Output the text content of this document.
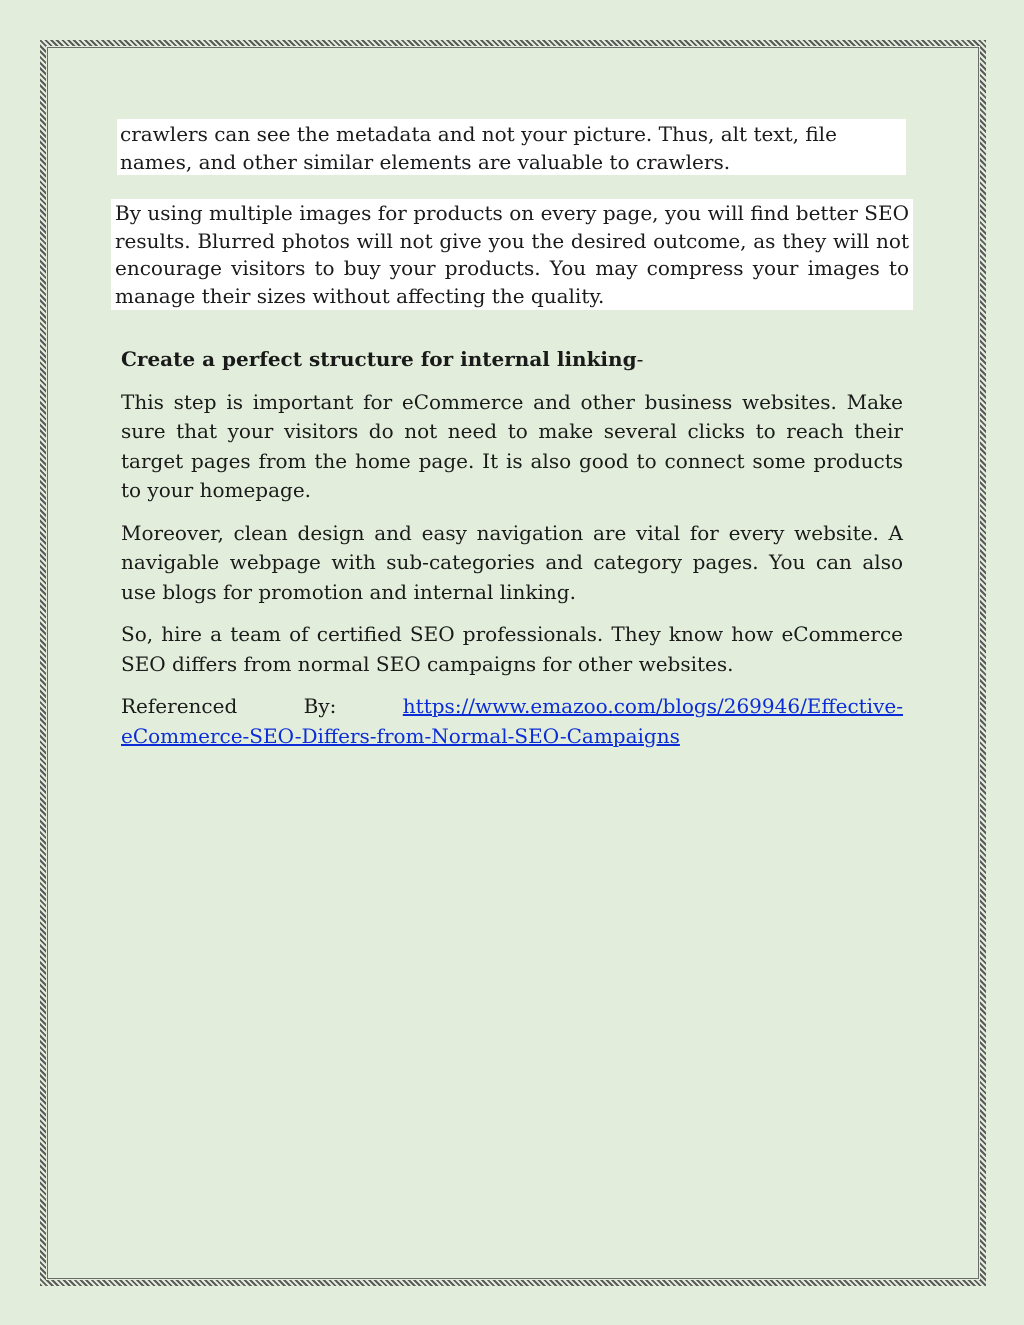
crawlers can see the metadata and not your picture. Thus, alt text, file names, and other similar elements are valuable to crawlers.
By using multiple images for products on every page, you will find better SEO results. Blurred photos will not give you the desired outcome, as they will not encourage visitors to buy your products. You may compress your images to manage their sizes without affecting the quality.

Create a perfect structure for internal linking-

This step is important for eCommerce and other business websites. Make sure that your visitors do not need to make several clicks to reach their target pages from the home page. It is also good to connect some products to your homepage.

Moreover, clean design and easy navigation are vital for every website. A navigable webpage with sub-categories and category pages. You can also use blogs for promotion and internal linking.

So, hire a team of certified SEO professionals. They know how eCommerce SEO differs from normal SEO campaigns for other websites.

Referenced	By:	https://www.emazoo.com/blogs/269946/Effective-
eCommerce-SEO-Differs-from-Normal-SEO-Campaigns
